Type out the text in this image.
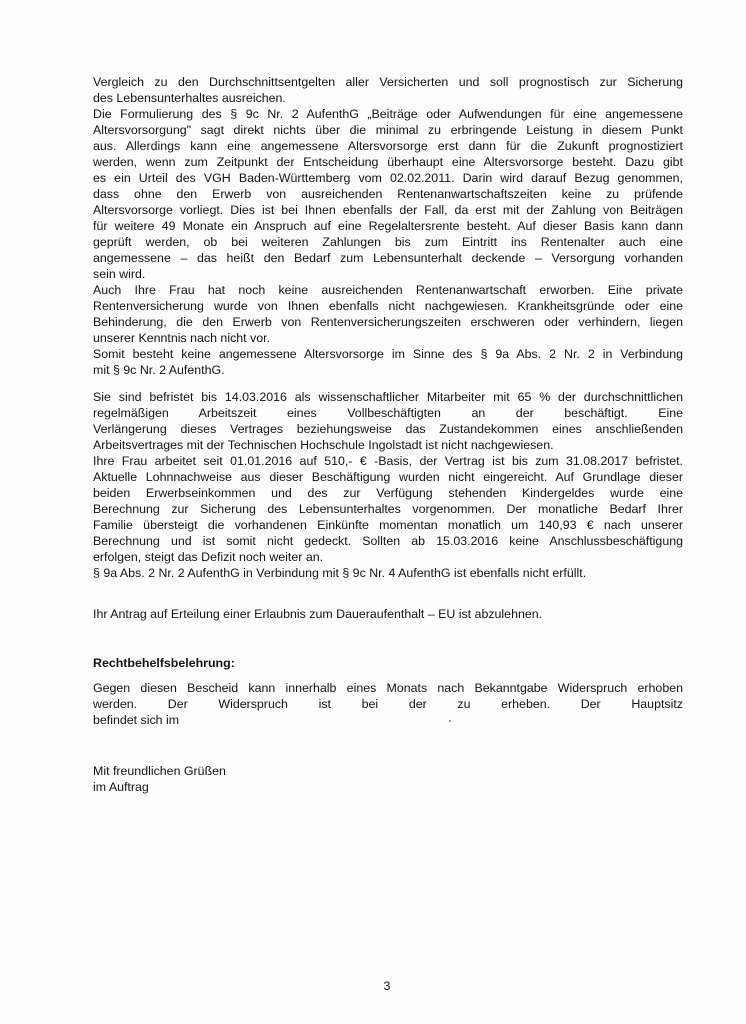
Vergleich zu den Durchschnittsentgelten aller Versicherten und soll prognostisch zur Sicherung
des Lebensunterhaltes ausreichen.
Die Formulierung des § 9c Nr. 2 AufenthG „Beiträge oder Aufwendungen für eine angemessene
Altersvorsorgung" sagt direkt nichts über die minimal zu erbringende Leistung in diesem Punkt
aus. Allerdings kann eine angemessene Altersvorsorge erst dann für die Zukunft prognostiziert
werden, wenn zum Zeitpunkt der Entscheidung überhaupt eine Altersvorsorge besteht. Dazu gibt
es ein Urteil des VGH Baden-Württemberg vom 02.02.2011. Darin wird darauf Bezug genommen,
dass ohne den Erwerb von ausreichenden Rentenanwartschaftszeiten keine zu prüfende
Altersvorsorge vorliegt. Dies ist bei Ihnen ebenfalls der Fall, da erst mit der Zahlung von Beiträgen
für weitere 49 Monate ein Anspruch auf eine Regelaltersrente besteht. Auf dieser Basis kann dann
geprüft werden, ob bei weiteren Zahlungen bis zum Eintritt ins Rentenalter auch eine
angemessene – das heißt den Bedarf zum Lebensunterhalt deckende – Versorgung vorhanden
sein wird.
Auch Ihre Frau hat noch keine ausreichenden Rentenanwartschaft erworben. Eine private
Rentenversicherung wurde von Ihnen ebenfalls nicht nachgewiesen. Krankheitsgründe oder eine
Behinderung, die den Erwerb von Rentenversicherungszeiten erschweren oder verhindern, liegen
unserer Kenntnis nach nicht vor.
Somit besteht keine angemessene Altersvorsorge im Sinne des § 9a Abs. 2 Nr. 2 in Verbindung
mit § 9c Nr. 2 AufenthG.
Sie sind befristet bis 14.03.2016 als wissenschaftlicher Mitarbeiter mit 65 % der durchschnittlichen
regelmäßigen Arbeitszeit eines Vollbeschäftigten an der beschäftigt. Eine
Verlängerung dieses Vertrages beziehungsweise das Zustandekommen eines anschließenden
Arbeitsvertrages mit der Technischen Hochschule Ingolstadt ist nicht nachgewiesen.
Ihre Frau arbeitet seit 01.01.2016 auf 510,- € -Basis, der Vertrag ist bis zum 31.08.2017 befristet.
Aktuelle Lohnnachweise aus dieser Beschäftigung wurden nicht eingereicht. Auf Grundlage dieser
beiden Erwerbseinkommen und des zur Verfügung stehenden Kindergeldes wurde eine
Berechnung zur Sicherung des Lebensunterhaltes vorgenommen. Der monatliche Bedarf Ihrer
Familie übersteigt die vorhandenen Einkünfte momentan monatlich um 140,93 € nach unserer
Berechnung und ist somit nicht gedeckt. Sollten ab 15.03.2016 keine Anschlussbeschäftigung
erfolgen, steigt das Defizit noch weiter an.
§ 9a Abs. 2 Nr. 2 AufenthG in Verbindung mit § 9c Nr. 4 AufenthG ist ebenfalls nicht erfüllt.
Ihr Antrag auf Erteilung einer Erlaubnis zum Daueraufenthalt – EU ist abzulehnen.
Rechtbehelfsbelehrung:
Gegen diesen Bescheid kann innerhalb eines Monats nach Bekanntgabe Widerspruch erhoben
werden. Der Widerspruch ist bei der zu erheben. Der Hauptsitz
befindet sich im
Mit freundlichen Grüßen
im Auftrag
3
